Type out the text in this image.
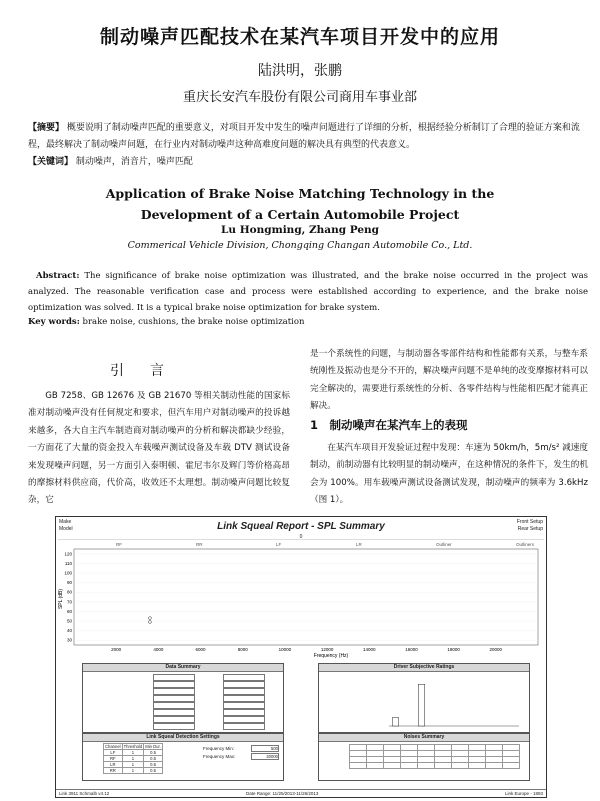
制动噪声匹配技术在某汽车项目开发中的应用
陆洪明，张鹏
重庆长安汽车股份有限公司商用车事业部
【摘要】 概要说明了制动噪声匹配的重要意义，对项目开发中发生的噪声问题进行了详细的分析，根据经验分析制订了合理的验证方案和流程，最终解决了制动噪声问题，在行业内对制动噪声这种高难度问题的解决具有典型的代表意义。
【关键词】 制动噪声，消音片，噪声匹配
Application of Brake Noise Matching Technology in the
Development of a Certain Automobile Project
Lu Hongming, Zhang Peng
Commerical Vehicle Division, Chongqing Changan Automobile Co., Ltd.
Abstract: The significance of brake noise optimization was illustrated, and the brake noise occurred in the project was analyzed. The reasonable verification case and process were established according to experience, and the brake noise optimization was solved. It is a typical brake noise optimization for brake system.
Key words: brake noise, cushions, the brake noise optimization
引言

GB 7258、GB 12676 及 GB 21670 等相关制动性能的国家标准对制动噪声没有任何规定和要求，但汽车用户对制动噪声的投诉越来越多，各大自主汽车制造商对制动噪声的分析和解决都缺少经验，一方面花了大量的资金投入车载噪声测试设备及车载 DTV 测试设备来发现噪声问题，另一方面引入泰明顿、霍尼韦尔及辉门等价格高昂的摩擦材料供应商，代价高，收效还不太理想。制动噪声问题比较复杂，它

是一个系统性的问题，与制动器各零部件结构和性能都有关系，与整车系统刚性及振动也是分不开的，解决噪声问题不是单纯的改变摩擦材料可以完全解决的，需要进行系统性的分析、各零件结构与性能相匹配才能真正解决。

1　制动噪声在某汽车上的表现

在某汽车项目开发验证过程中发现：车速为 50km/h，5m/s² 减速度制动，前制动器有比较明显的制动噪声，在这种情况的条件下，发生的机会为 100%。用车载噪声测试设备测试发现，制动噪声的频率为 3.6kHz（图 1）。

Make
Model
Front Setup
Rear Setup
Link Squeal Report - SPL Summary
0
RF	RR	LF	LR	Outliner	Outliners
120
110
100
90
80
70
60
50
40
30
2000	4000	6000	8000	10000	12000	14000	16000	18000	20000
SPL (dB)
Frequency (Hz)
Data Summary	Driver Subjective Ratings
Link Squeal Detection Settings
Channel	Threshold	Min Dur.
LF	1	0.5
RF	1	0.5
LR	1	0.5
RR	1	0.5
Frequency Min:	500
Frequency Max:	20000
Noises Summary

Link 3911 Schmalb v4.12	Date Range: 11/25/2013-11/26/2013	Link Europe - 1893
